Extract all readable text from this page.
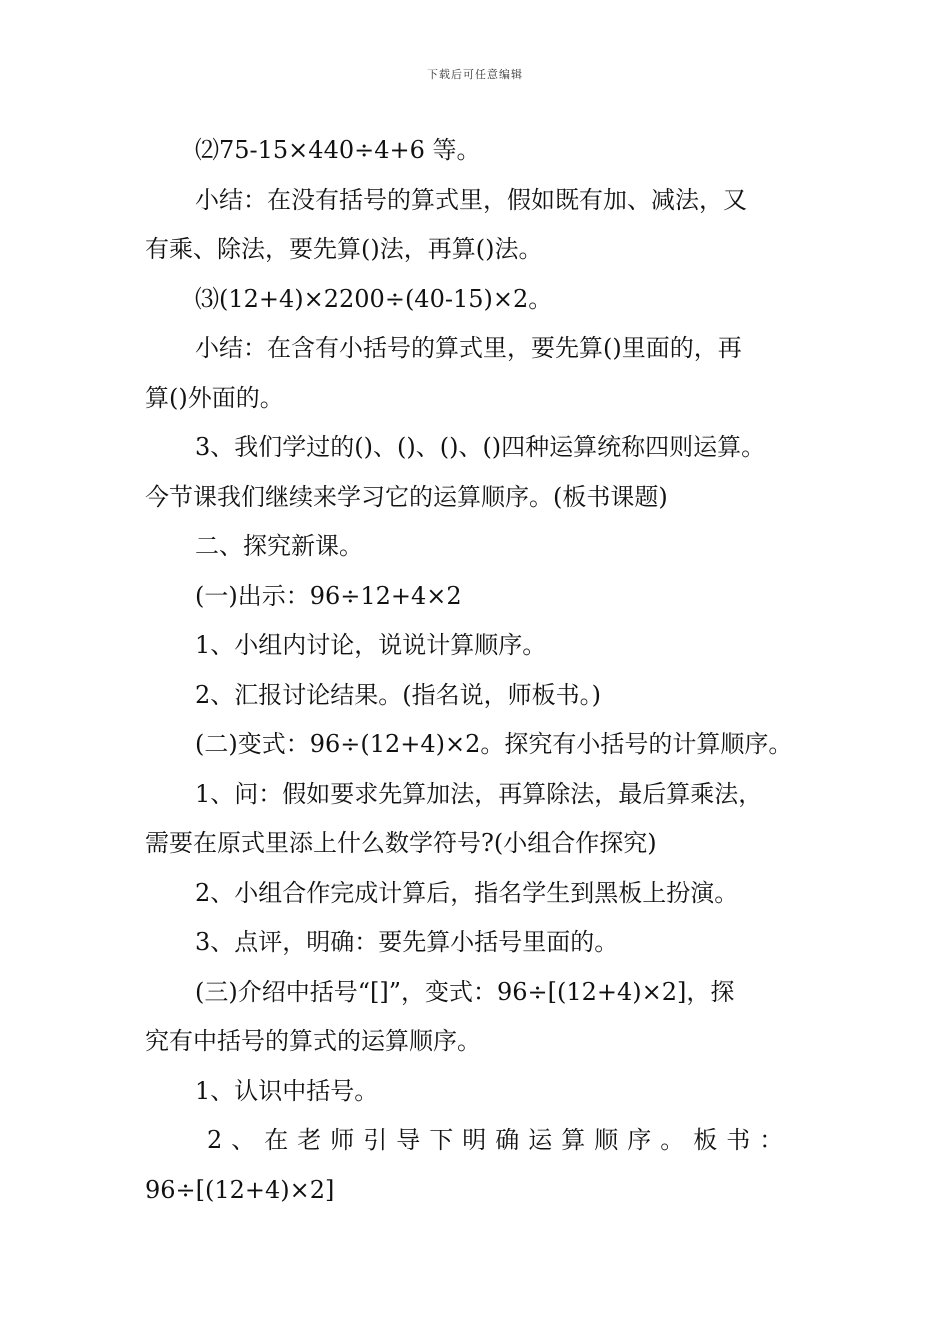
下载后可任意编辑

⑵75-15×440÷4+6 等。

小结：在没有括号的算式里，假如既有加、减法，又

有乘、除法，要先算()法，再算()法。

⑶(12+4)×2200÷(40-15)×2。

小结：在含有小括号的算式里，要先算()里面的，再

算()外面的。

3、我们学过的()、()、()、()四种运算统称四则运算。

今节课我们继续来学习它的运算顺序。(板书课题)

二、探究新课。

(一)出示：96÷12+4×2

1、小组内讨论，说说计算顺序。

2、汇报讨论结果。(指名说，师板书。)

(二)变式：96÷(12+4)×2。探究有小括号的计算顺序。

1、问：假如要求先算加法，再算除法，最后算乘法，

需要在原式里添上什么数学符号?(小组合作探究)

2、小组合作完成计算后，指名学生到黑板上扮演。

3、点评，明确：要先算小括号里面的。

(三)介绍中括号“[]”，变式：96÷[(12+4)×2]，探

究有中括号的算式的运算顺序。

1、认识中括号。

2、在老师引导下明确运算顺序。板书：

96÷[(12+4)×2]
